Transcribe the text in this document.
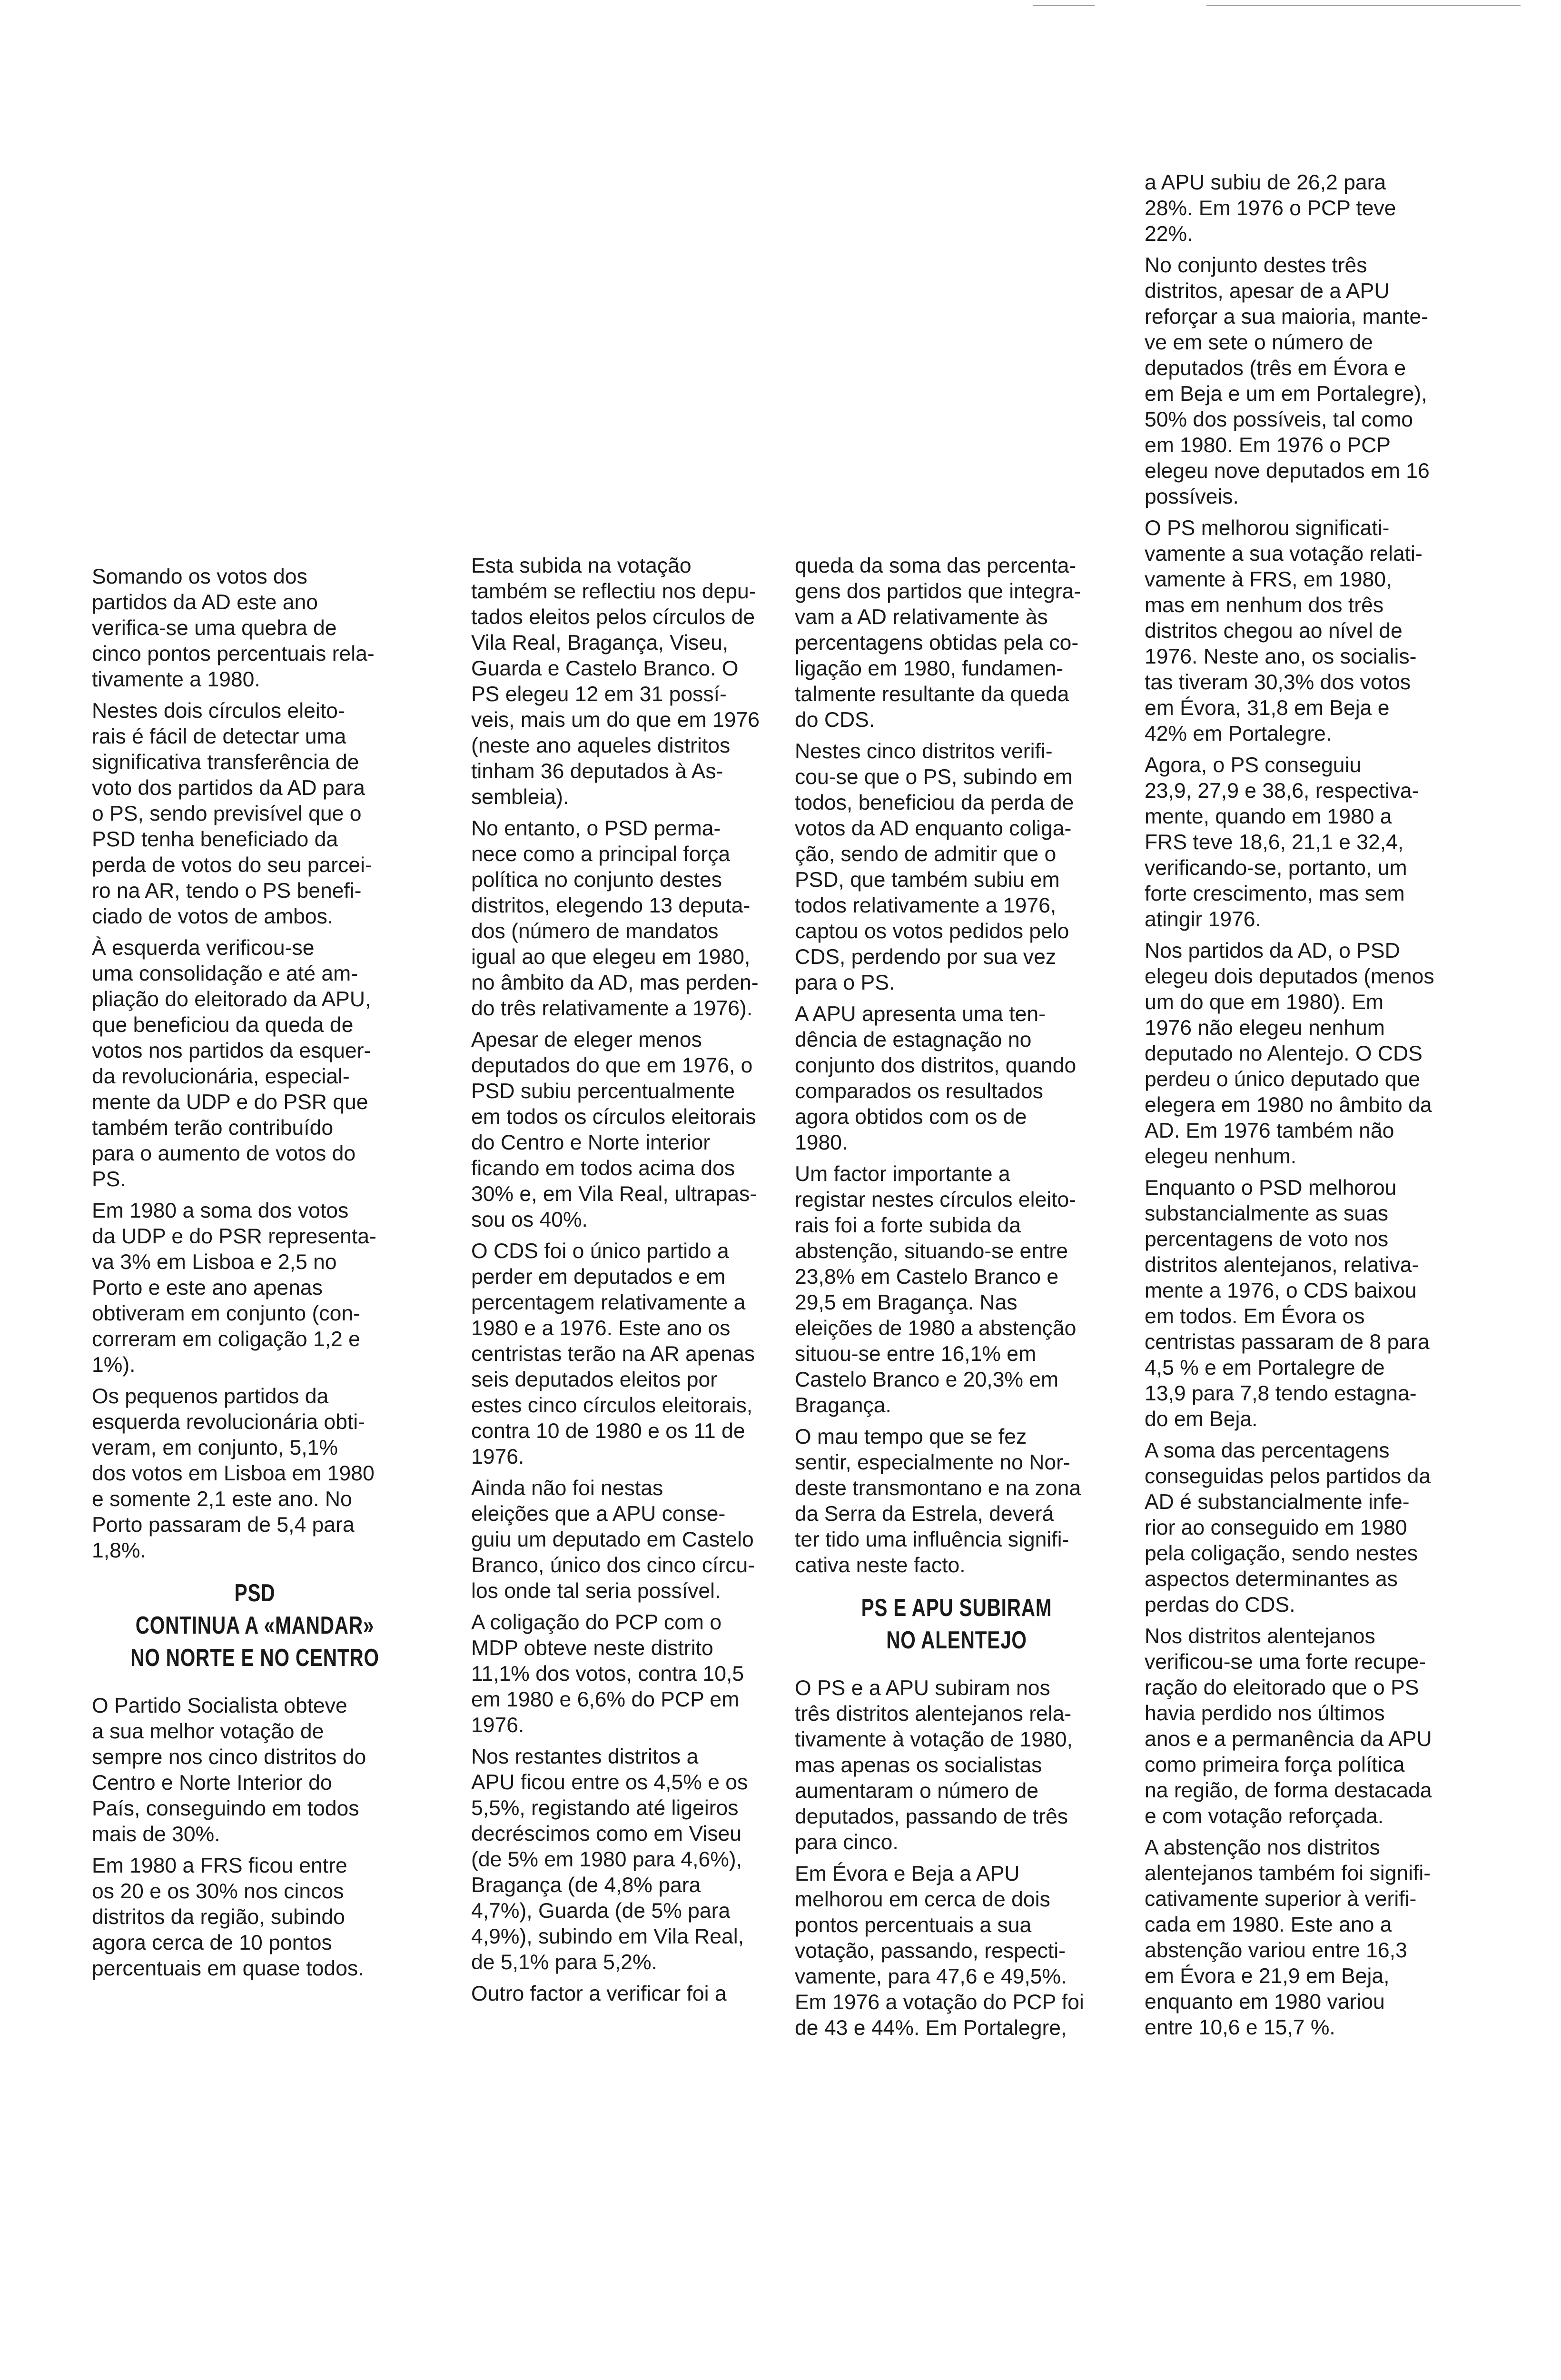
Somando os votos dos
partidos da AD este ano
verifica-se uma quebra de
cinco pontos percentuais rela-
tivamente a 1980.
Nestes dois círculos eleito-
rais é fácil de detectar uma
significativa transferência de
voto dos partidos da AD para
o PS, sendo previsível que o
PSD tenha beneficiado da
perda de votos do seu parcei-
ro na AR, tendo o PS benefi-
ciado de votos de ambos.
À esquerda verificou-se
uma consolidação e até am-
pliação do eleitorado da APU,
que beneficiou da queda de
votos nos partidos da esquer-
da revolucionária, especial-
mente da UDP e do PSR que
também terão contribuído
para o aumento de votos do
PS.
Em 1980 a soma dos votos
da UDP e do PSR representa-
va 3% em Lisboa e 2,5 no
Porto e este ano apenas
obtiveram em conjunto (con-
correram em coligação 1,2 e
1%).
Os pequenos partidos da
esquerda revolucionária obti-
veram, em conjunto, 5,1%
dos votos em Lisboa em 1980
e somente 2,1 este ano. No
Porto passaram de 5,4 para
1,8%.
PSD
CONTINUA A «MANDAR»
NO NORTE E NO CENTRO
O Partido Socialista obteve
a sua melhor votação de
sempre nos cinco distritos do
Centro e Norte Interior do
País, conseguindo em todos
mais de 30%.
Em 1980 a FRS ficou entre
os 20 e os 30% nos cincos
distritos da região, subindo
agora cerca de 10 pontos
percentuais em quase todos.
Esta subida na votação
também se reflectiu nos depu-
tados eleitos pelos círculos de
Vila Real, Bragança, Viseu,
Guarda e Castelo Branco. O
PS elegeu 12 em 31 possí-
veis, mais um do que em 1976
(neste ano aqueles distritos
tinham 36 deputados à As-
sembleia).
No entanto, o PSD perma-
nece como a principal força
política no conjunto destes
distritos, elegendo 13 deputa-
dos (número de mandatos
igual ao que elegeu em 1980,
no âmbito da AD, mas perden-
do três relativamente a 1976).
Apesar de eleger menos
deputados do que em 1976, o
PSD subiu percentualmente
em todos os círculos eleitorais
do Centro e Norte interior
ficando em todos acima dos
30% e, em Vila Real, ultrapas-
sou os 40%.
O CDS foi o único partido a
perder em deputados e em
percentagem relativamente a
1980 e a 1976. Este ano os
centristas terão na AR apenas
seis deputados eleitos por
estes cinco círculos eleitorais,
contra 10 de 1980 e os 11 de
1976.
Ainda não foi nestas
eleições que a APU conse-
guiu um deputado em Castelo
Branco, único dos cinco círcu-
los onde tal seria possível.
A coligação do PCP com o
MDP obteve neste distrito
11,1% dos votos, contra 10,5
em 1980 e 6,6% do PCP em
1976.
Nos restantes distritos a
APU ficou entre os 4,5% e os
5,5%, registando até ligeiros
decréscimos como em Viseu
(de 5% em 1980 para 4,6%),
Bragança (de 4,8% para
4,7%), Guarda (de 5% para
4,9%), subindo em Vila Real,
de 5,1% para 5,2%.
Outro factor a verificar foi a
queda da soma das percenta-
gens dos partidos que integra-
vam a AD relativamente às
percentagens obtidas pela co-
ligação em 1980, fundamen-
talmente resultante da queda
do CDS.
Nestes cinco distritos verifi-
cou-se que o PS, subindo em
todos, beneficiou da perda de
votos da AD enquanto coliga-
ção, sendo de admitir que o
PSD, que também subiu em
todos relativamente a 1976,
captou os votos pedidos pelo
CDS, perdendo por sua vez
para o PS.
A APU apresenta uma ten-
dência de estagnação no
conjunto dos distritos, quando
comparados os resultados
agora obtidos com os de
1980.
Um factor importante a
registar nestes círculos eleito-
rais foi a forte subida da
abstenção, situando-se entre
23,8% em Castelo Branco e
29,5 em Bragança. Nas
eleições de 1980 a abstenção
situou-se entre 16,1% em
Castelo Branco e 20,3% em
Bragança.
O mau tempo que se fez
sentir, especialmente no Nor-
deste transmontano e na zona
da Serra da Estrela, deverá
ter tido uma influência signifi-
cativa neste facto.
PS E APU SUBIRAM
NO ALENTEJO
O PS e a APU subiram nos
três distritos alentejanos rela-
tivamente à votação de 1980,
mas apenas os socialistas
aumentaram o número de
deputados, passando de três
para cinco.
Em Évora e Beja a APU
melhorou em cerca de dois
pontos percentuais a sua
votação, passando, respecti-
vamente, para 47,6 e 49,5%.
Em 1976 a votação do PCP foi
de 43 e 44%. Em Portalegre,
a APU subiu de 26,2 para
28%. Em 1976 o PCP teve
22%.
No conjunto destes três
distritos, apesar de a APU
reforçar a sua maioria, mante-
ve em sete o número de
deputados (três em Évora e
em Beja e um em Portalegre),
50% dos possíveis, tal como
em 1980. Em 1976 o PCP
elegeu nove deputados em 16
possíveis.
O PS melhorou significati-
vamente a sua votação relati-
vamente à FRS, em 1980,
mas em nenhum dos três
distritos chegou ao nível de
1976. Neste ano, os socialis-
tas tiveram 30,3% dos votos
em Évora, 31,8 em Beja e
42% em Portalegre.
Agora, o PS conseguiu
23,9, 27,9 e 38,6, respectiva-
mente, quando em 1980 a
FRS teve 18,6, 21,1 e 32,4,
verificando-se, portanto, um
forte crescimento, mas sem
atingir 1976.
Nos partidos da AD, o PSD
elegeu dois deputados (menos
um do que em 1980). Em
1976 não elegeu nenhum
deputado no Alentejo. O CDS
perdeu o único deputado que
elegera em 1980 no âmbito da
AD. Em 1976 também não
elegeu nenhum.
Enquanto o PSD melhorou
substancialmente as suas
percentagens de voto nos
distritos alentejanos, relativa-
mente a 1976, o CDS baixou
em todos. Em Évora os
centristas passaram de 8 para
4,5 % e em Portalegre de
13,9 para 7,8 tendo estagna-
do em Beja.
A soma das percentagens
conseguidas pelos partidos da
AD é substancialmente infe-
rior ao conseguido em 1980
pela coligação, sendo nestes
aspectos determinantes as
perdas do CDS.
Nos distritos alentejanos
verificou-se uma forte recupe-
ração do eleitorado que o PS
havia perdido nos últimos
anos e a permanência da APU
como primeira força política
na região, de forma destacada
e com votação reforçada.
A abstenção nos distritos
alentejanos também foi signifi-
cativamente superior à verifi-
cada em 1980. Este ano a
abstenção variou entre 16,3
em Évora e 21,9 em Beja,
enquanto em 1980 variou
entre 10,6 e 15,7 %.
